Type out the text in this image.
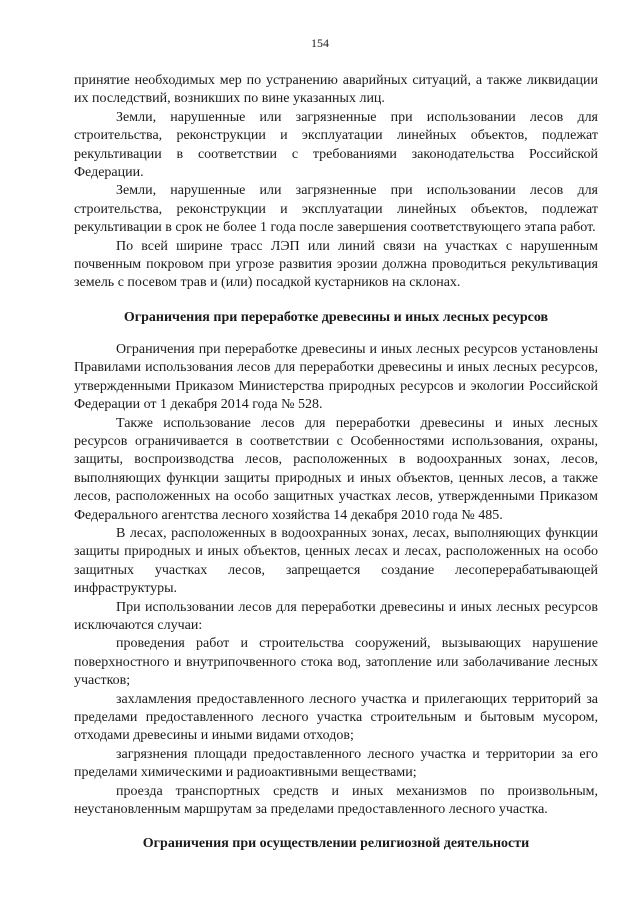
154

принятие необходимых мер по устранению аварийных ситуаций, а также ликвидации их последствий, возникших по вине указанных лиц.

Земли, нарушенные или загрязненные при использовании лесов для строительства, реконструкции и эксплуатации линейных объектов, подлежат рекультивации в соответствии с требованиями законодательства Российской Федерации.

Земли, нарушенные или загрязненные при использовании лесов для строительства, реконструкции и эксплуатации линейных объектов, подлежат рекультивации в срок не более 1 года после завершения соответствующего этапа работ.

По всей ширине трасс ЛЭП или линий связи на участках с нарушенным почвенным покровом при угрозе развития эрозии должна проводиться рекультивация земель с посевом трав и (или) посадкой кустарников на склонах.

Ограничения при переработке древесины и иных лесных ресурсов

Ограничения при переработке древесины и иных лесных ресурсов установлены Правилами использования лесов для переработки древесины и иных лесных ресурсов, утвержденными Приказом Министерства природных ресурсов и экологии Российской Федерации от 1 декабря 2014 года № 528.

Также использование лесов для переработки древесины и иных лесных ресурсов ограничивается в соответствии с Особенностями использования, охраны, защиты, воспроизводства лесов, расположенных в водоохранных зонах, лесов, выполняющих функции защиты природных и иных объектов, ценных лесов, а также лесов, расположенных на особо защитных участках лесов, утвержденными Приказом Федерального агентства лесного хозяйства 14 декабря 2010 года № 485.

В лесах, расположенных в водоохранных зонах, лесах, выполняющих функции защиты природных и иных объектов, ценных лесах и лесах, расположенных на особо защитных участках лесов, запрещается создание лесоперерабатывающей инфраструктуры.

При использовании лесов для переработки древесины и иных лесных ресурсов исключаются случаи:

проведения работ и строительства сооружений, вызывающих нарушение поверхностного и внутрипочвенного стока вод, затопление или заболачивание лесных участков;

захламления предоставленного лесного участка и прилегающих территорий за пределами предоставленного лесного участка строительным и бытовым мусором, отходами древесины и иными видами отходов;

загрязнения площади предоставленного лесного участка и территории за его пределами химическими и радиоактивными веществами;

проезда транспортных средств и иных механизмов по произвольным, неустановленным маршрутам за пределами предоставленного лесного участка.

Ограничения при осуществлении религиозной деятельности
